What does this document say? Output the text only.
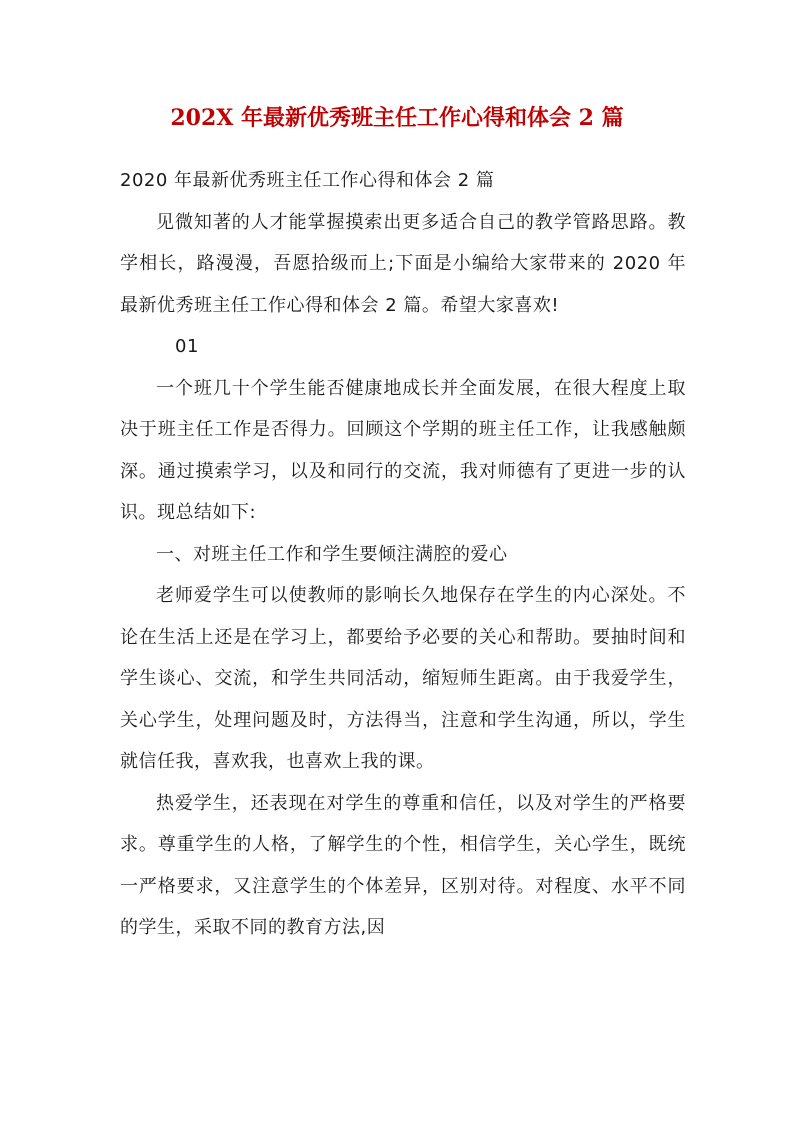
202X 年最新优秀班主任工作心得和体会 2 篇

2020 年最新优秀班主任工作心得和体会 2 篇

见微知著的人才能掌握摸索出更多适合自己的教学管路思路。教学相长，路漫漫，吾愿拾级而上;下面是小编给大家带来的 2020 年最新优秀班主任工作心得和体会 2 篇。希望大家喜欢!

01

一个班几十个学生能否健康地成长并全面发展，在很大程度上取决于班主任工作是否得力。回顾这个学期的班主任工作，让我感触颇深。通过摸索学习，以及和同行的交流，我对师德有了更进一步的认识。现总结如下:

一、对班主任工作和学生要倾注满腔的爱心

老师爱学生可以使教师的影响长久地保存在学生的内心深处。不论在生活上还是在学习上，都要给予必要的关心和帮助。要抽时间和学生谈心、交流，和学生共同活动，缩短师生距离。由于我爱学生，关心学生，处理问题及时，方法得当，注意和学生沟通，所以，学生就信任我，喜欢我，也喜欢上我的课。

热爱学生，还表现在对学生的尊重和信任，以及对学生的严格要求。尊重学生的人格，了解学生的个性，相信学生，关心学生，既统一严格要求，又注意学生的个体差异，区别对待。对程度、水平不同的学生，采取不同的教育方法,因
